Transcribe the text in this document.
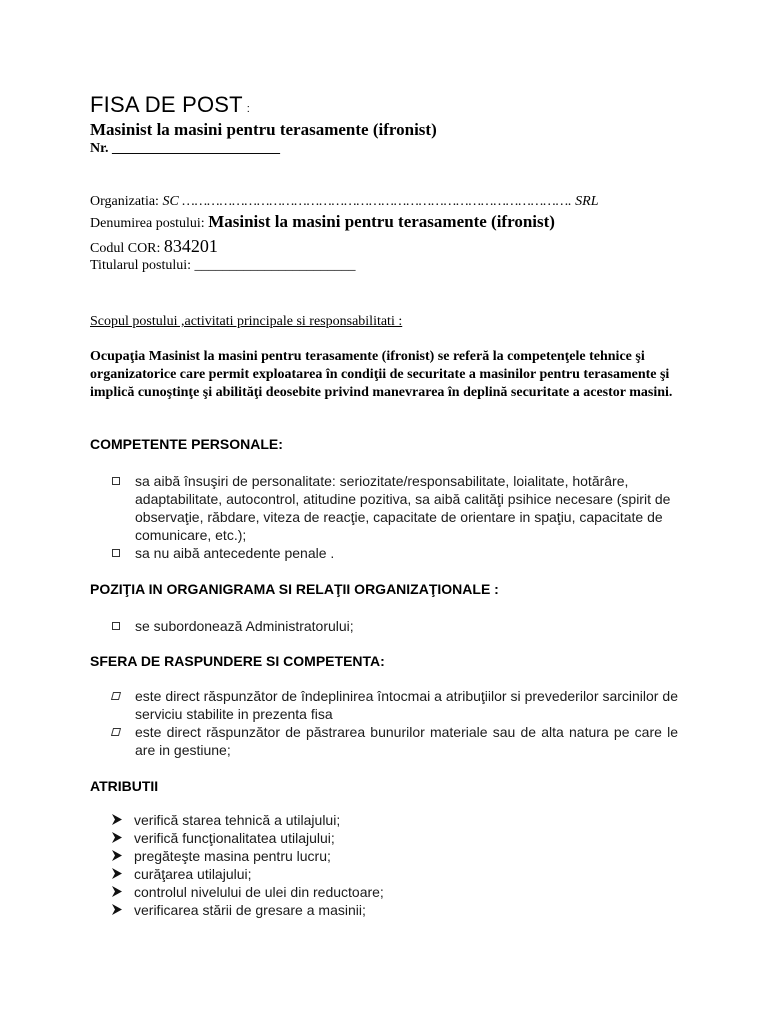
FISA DE POST :
Masinist la masini pentru terasamente (ifronist)
Nr. ________________________
Organizatia: SC …………………………………………………………………………………. SRL
Denumirea postului: Masinist la masini pentru terasamente (ifronist)
Codul COR: 834201
Titularul postului: _______________________
Scopul postului ,activitati principale si responsabilitati :
Ocupaţia Masinist la masini pentru terasamente (ifronist) se referă la competenţele tehnice şi organizatorice care permit exploatarea în condiţii de securitate a masinilor pentru terasamente şi implică cunoştinţe şi abilităţi deosebite privind manevrarea în deplină securitate a acestor masini.
COMPETENTE PERSONALE:
sa aibă însuşiri de personalitate: seriozitate/responsabilitate, loialitate, hotărâre, adaptabilitate, autocontrol, atitudine pozitiva, sa aibă calităţi psihice necesare (spirit de observaţie, răbdare, viteza de reacţie, capacitate de orientare in spaţiu, capacitate de comunicare, etc.);
sa nu aibă antecedente penale .
POZIŢIA IN ORGANIGRAMA SI RELAŢII ORGANIZAŢIONALE :
se subordonează Administratorului;
SFERA DE RASPUNDERE SI COMPETENTA:
este direct răspunzător de îndeplinirea întocmai a atribuţiilor si prevederilor sarcinilor de serviciu stabilite in prezenta fisa
este direct răspunzător de păstrarea bunurilor materiale sau de alta natura pe care le are in gestiune;
ATRIBUTII
verifică starea tehnică a utilajului;
verifică funcţionalitatea utilajului;
pregăteşte masina pentru lucru;
curăţarea utilajului;
controlul nivelului de ulei din reductoare;
verificarea stării de gresare a masinii;
